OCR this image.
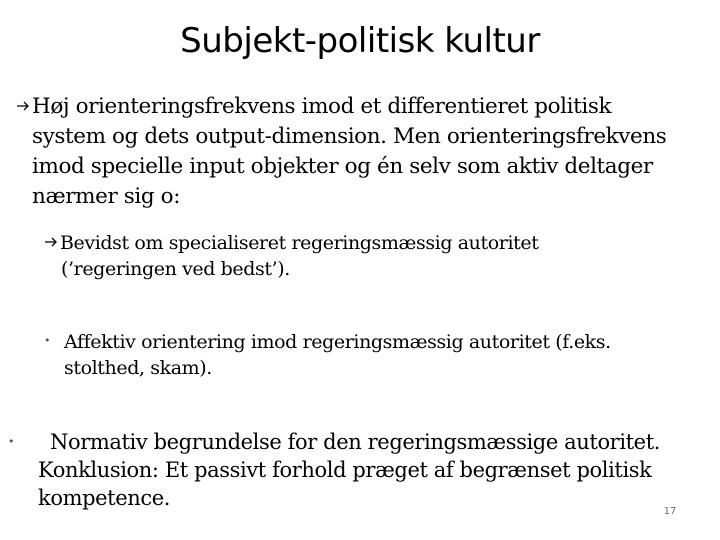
Subjekt-politisk kultur
Høj orienteringsfrekvens imod et differentieret politisk
system og dets output-dimension. Men orienteringsfrekvens
imod specielle input objekter og én selv som aktiv deltager
nærmer sig o:
Bevidst om specialiseret regeringsmæssig autoritet
(’regeringen ved bedst’).
• Affektiv orientering imod regeringsmæssig autoritet (f.eks.
stolthed, skam).
• Normativ begrundelse for den regeringsmæssige autoritet.
Konklusion: Et passivt forhold præget af begrænset politisk
kompetence.
17
